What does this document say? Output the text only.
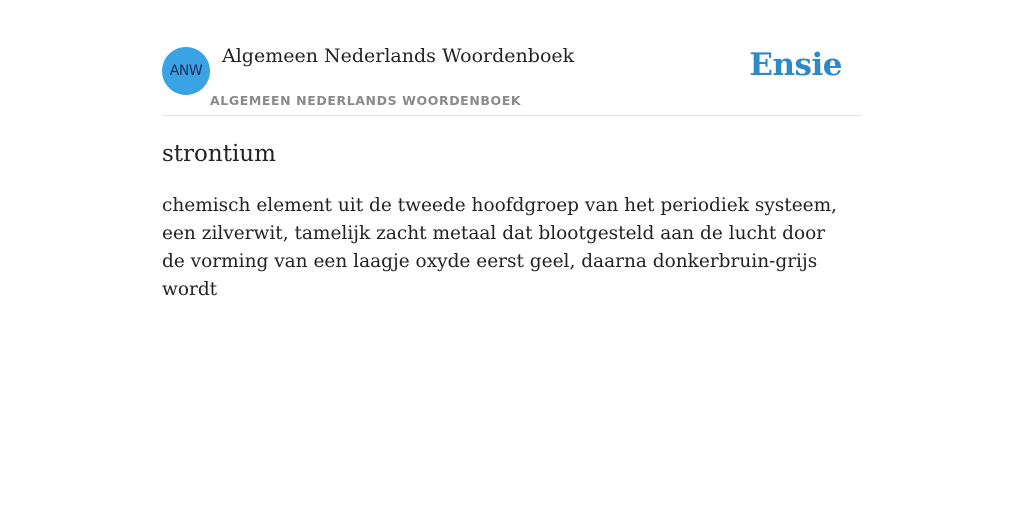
ANW
Algemeen Nederlands Woordenboek
ALGEMEEN NEDERLANDS WOORDENBOEK
Ensie
strontium

chemisch element uit de tweede hoofdgroep van het periodiek systeem, een zilverwit, tamelijk zacht metaal dat blootgesteld aan de lucht door de vorming van een laagje oxyde eerst geel, daarna donkerbruin-grijs wordt
